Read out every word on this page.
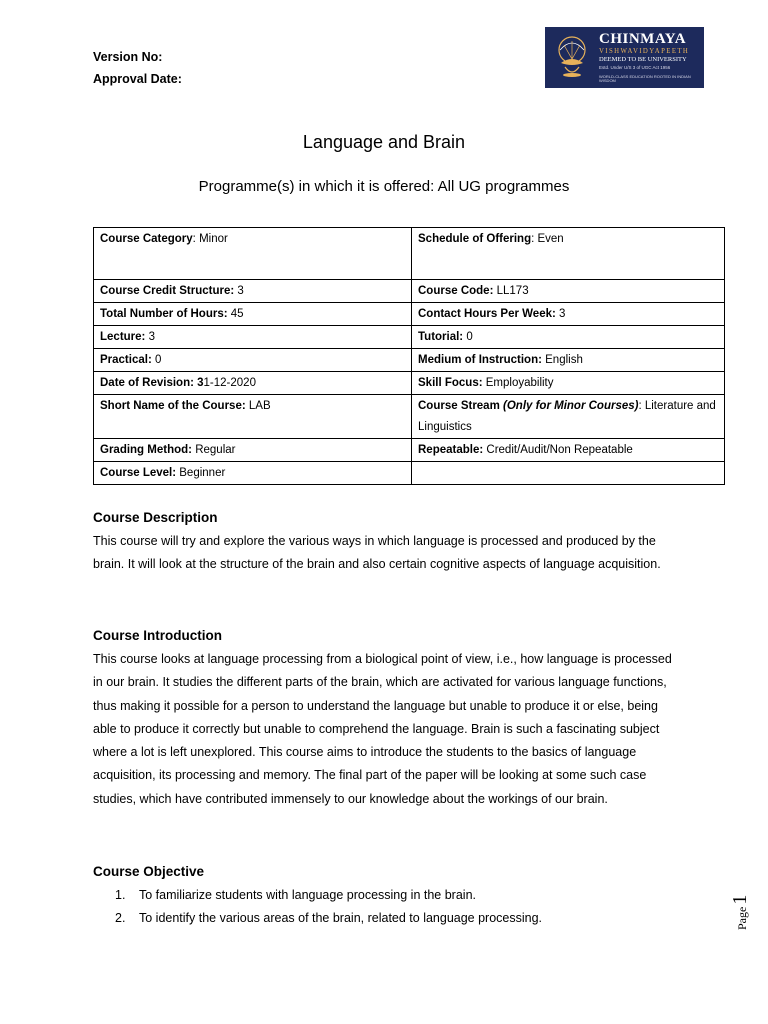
Version No:
Approval Date:
CHINMAYA
VISHWAVIDYAPEETH
DEEMED TO BE UNIVERSITY
Estd. Under U/S 3 of UGC Act 1956
WORLD-CLASS EDUCATION ROOTED IN INDIAN WISDOM
Language and Brain
Programme(s) in which it is offered: All UG programmes
Course Category: Minor	Schedule of Offering: Even
Course Credit Structure: 3	Course Code: LL173
Total Number of Hours: 45	Contact Hours Per Week: 3
Lecture: 3	Tutorial: 0
Practical: 0	Medium of Instruction: English
Date of Revision: 31-12-2020	Skill Focus: Employability
Short Name of the Course: LAB	Course Stream (Only for Minor Courses): Literature and Linguistics
Grading Method: Regular	Repeatable: Credit/Audit/Non Repeatable
Course Level: Beginner	
Course Description
This course will try and explore the various ways in which language is processed and produced by the brain. It will look at the structure of the brain and also certain cognitive aspects of language acquisition.
Course Introduction
This course looks at language processing from a biological point of view, i.e., how language is processed in our brain. It studies the different parts of the brain, which are activated for various language functions, thus making it possible for a person to understand the language but unable to produce it or else, being able to produce it correctly but unable to comprehend the language. Brain is such a fascinating subject where a lot is left unexplored. This course aims to introduce the students to the basics of language acquisition, its processing and memory. The final part of the paper will be looking at some such case studies, which have contributed immensely to our knowledge about the workings of our brain.
Course Objective
1.	To familiarize students with language processing in the brain.
2.	To identify the various areas of the brain, related to language processing.	Page
1
